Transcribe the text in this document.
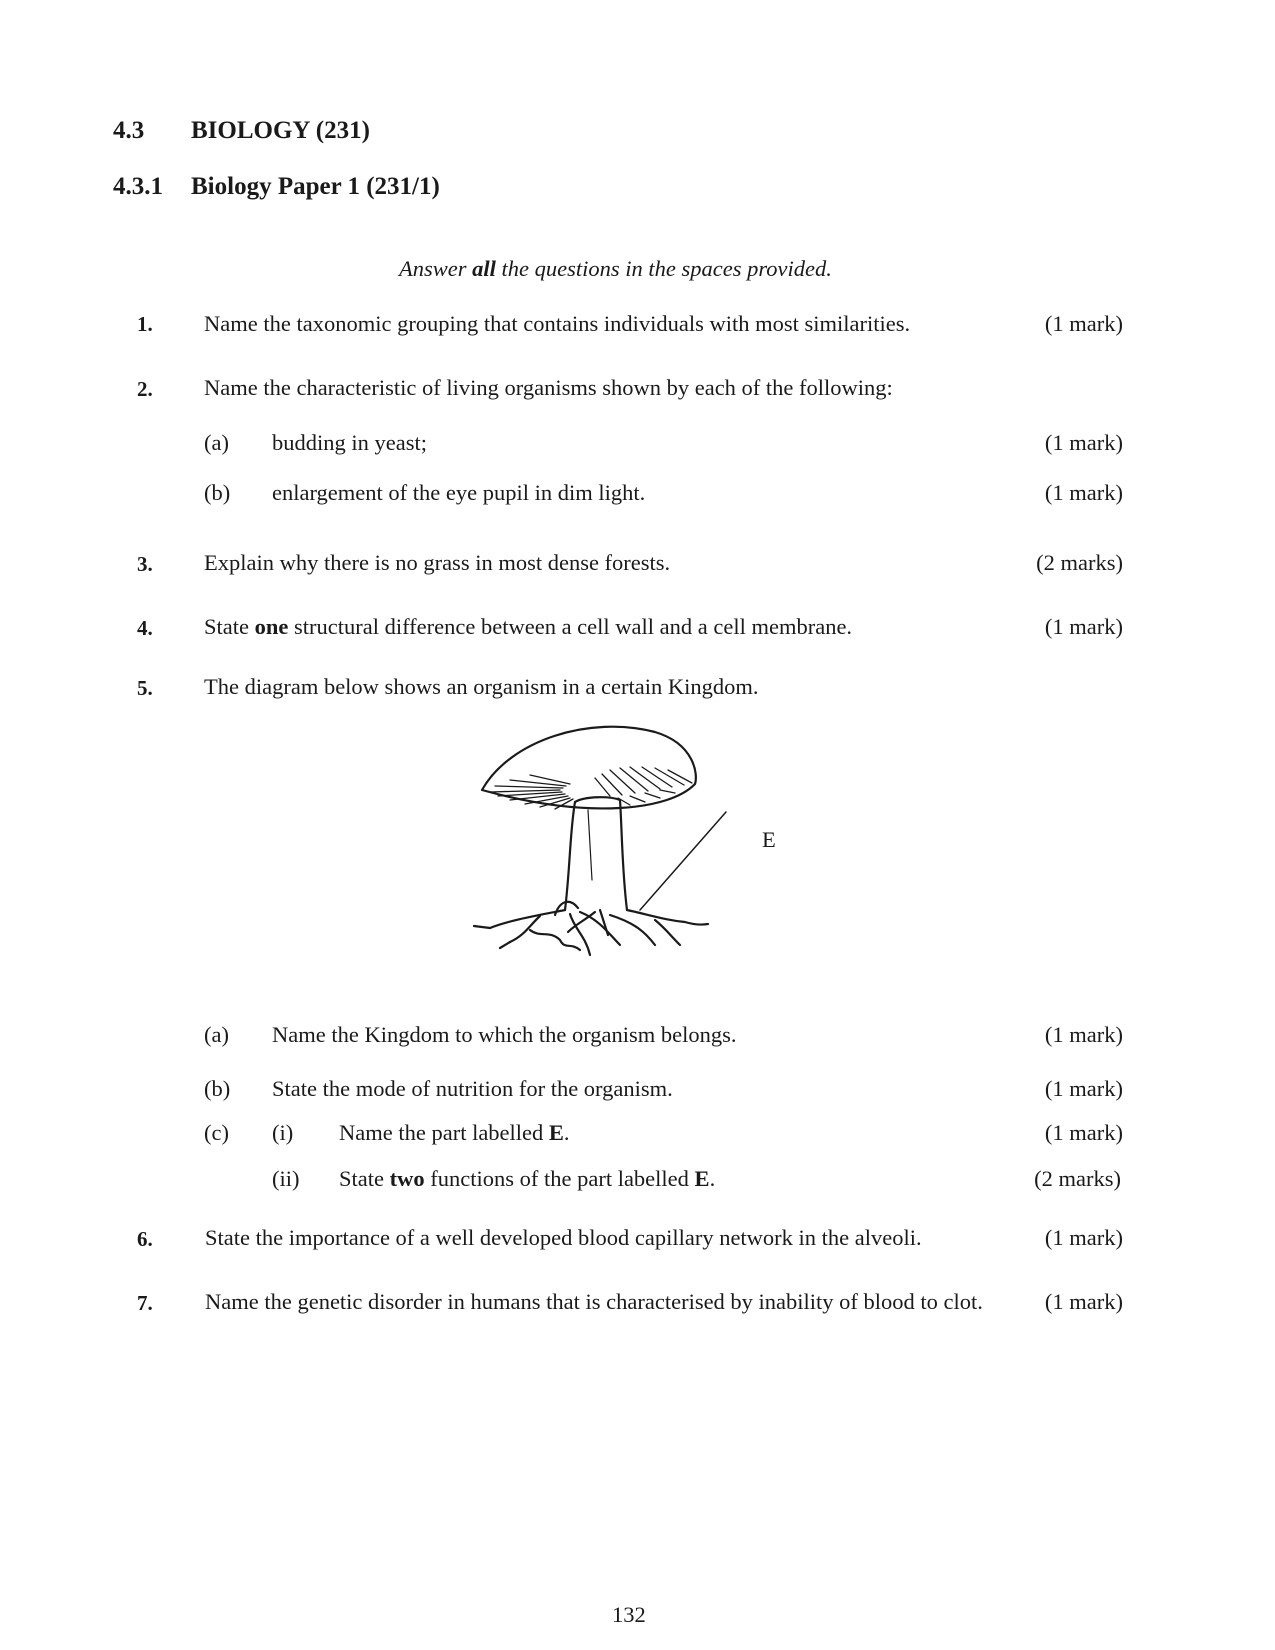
4.3 BIOLOGY (231)
4.3.1 Biology Paper 1 (231/1)
Answer all the questions in the spaces provided.
1. Name the taxonomic grouping that contains individuals with most similarities.	(1 mark)
2. Name the characteristic of living organisms shown by each of the following:
(a) budding in yeast;	(1 mark)
(b) enlargement of the eye pupil in dim light.	(1 mark)
3. Explain why there is no grass in most dense forests.	(2 marks)
4. State one structural difference between a cell wall and a cell membrane.	(1 mark)
5. The diagram below shows an organism in a certain Kingdom.
E
(a) Name the Kingdom to which the organism belongs.	(1 mark)
(b) State the mode of nutrition for the organism.	(1 mark)
(c) (i) Name the part labelled E.	(1 mark)
(ii) State two functions of the part labelled E.	(2 marks)
6. State the importance of a well developed blood capillary network in the alveoli.	(1 mark)
7. Name the genetic disorder in humans that is characterised by inability of blood to clot.	(1 mark)
132
